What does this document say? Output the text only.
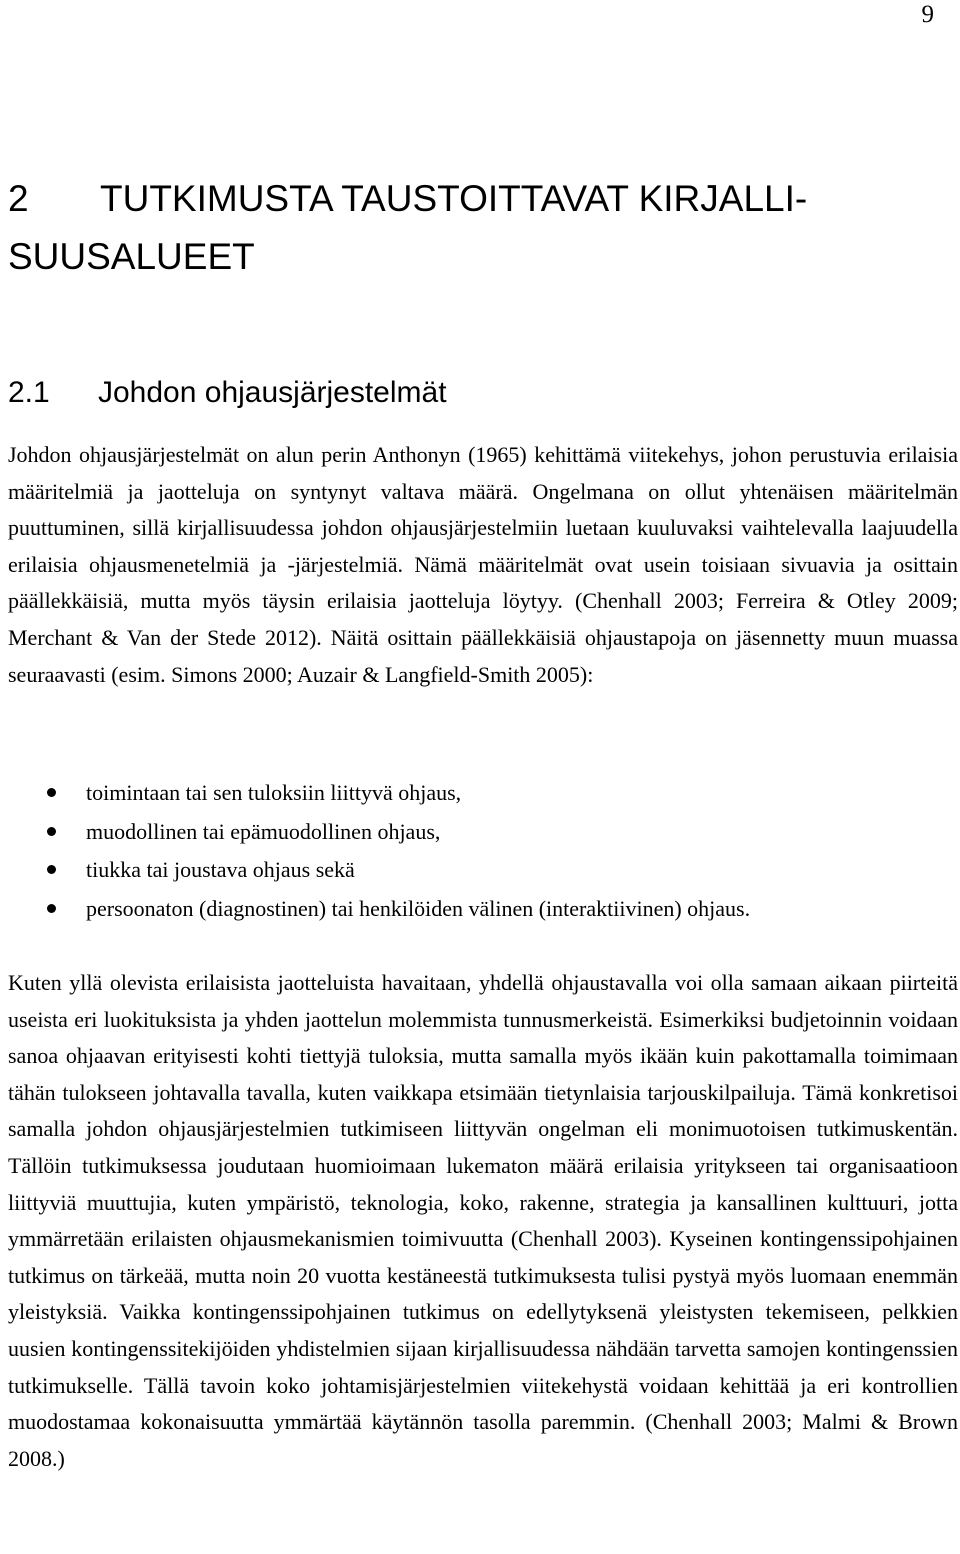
9
2 TUTKIMUSTA TAUSTOITTAVAT KIRJALLI-
SUUSALUEET
2.1 Johdon ohjausjärjestelmät

Johdon ohjausjärjestelmät on alun perin Anthonyn (1965) kehittämä viitekehys, johon perustuvia erilaisia määritelmiä ja jaotteluja on syntynyt valtava määrä. Ongelmana on ollut yhtenäisen määritelmän puuttuminen, sillä kirjallisuudessa johdon ohjausjärjestelmiin luetaan kuuluvaksi vaihtelevalla laajuudella erilaisia ohjausmenetelmiä ja -järjestelmiä. Nämä määritelmät ovat usein toisiaan sivuavia ja osittain päällekkäisiä, mutta myös täysin erilaisia jaotteluja löytyy. (Chenhall 2003; Ferreira & Otley 2009; Merchant & Van der Stede 2012). Näitä osittain päällekkäisiä ohjaustapoja on jäsennetty muun muassa seuraavasti (esim. Simons 2000; Auzair & Langfield-Smith 2005):

toimintaan tai sen tuloksiin liittyvä ohjaus,
muodollinen tai epämuodollinen ohjaus,
tiukka tai joustava ohjaus sekä
persoonaton (diagnostinen) tai henkilöiden välinen (interaktiivinen) ohjaus.

Kuten yllä olevista erilaisista jaotteluista havaitaan, yhdellä ohjaustavalla voi olla samaan aikaan piirteitä useista eri luokituksista ja yhden jaottelun molemmista tunnusmerkeistä. Esimerkiksi budjetoinnin voidaan sanoa ohjaavan erityisesti kohti tiettyjä tuloksia, mutta samalla myös ikään kuin pakottamalla toimimaan tähän tulokseen johtavalla tavalla, kuten vaikkapa etsimään tietynlaisia tarjouskilpailuja. Tämä konkretisoi samalla johdon ohjausjärjestelmien tutkimiseen liittyvän ongelman eli monimuotoisen tutkimuskentän. Tällöin tutkimuksessa joudutaan huomioimaan lukematon määrä erilaisia yritykseen tai organisaatioon liittyviä muuttujia, kuten ympäristö, teknologia, koko, rakenne, strategia ja kansallinen kulttuuri, jotta ymmärretään erilaisten ohjausmekanismien toimivuutta (Chenhall 2003). Kyseinen kontingenssipohjainen tutkimus on tärkeää, mutta noin 20 vuotta kestäneestä tutkimuksesta tulisi pystyä myös luomaan enemmän yleistyksiä. Vaikka kontingenssipohjainen tutkimus on edellytyksenä yleistysten tekemiseen, pelkkien uusien kontingenssitekijöiden yhdistelmien sijaan kirjallisuudessa nähdään tarvetta samojen kontingenssien tutkimukselle. Tällä tavoin koko johtamisjärjestelmien viitekehystä voidaan kehittää ja eri kontrollien muodostamaa kokonaisuutta ymmärtää käytännön tasolla paremmin. (Chenhall 2003; Malmi & Brown 2008.)
